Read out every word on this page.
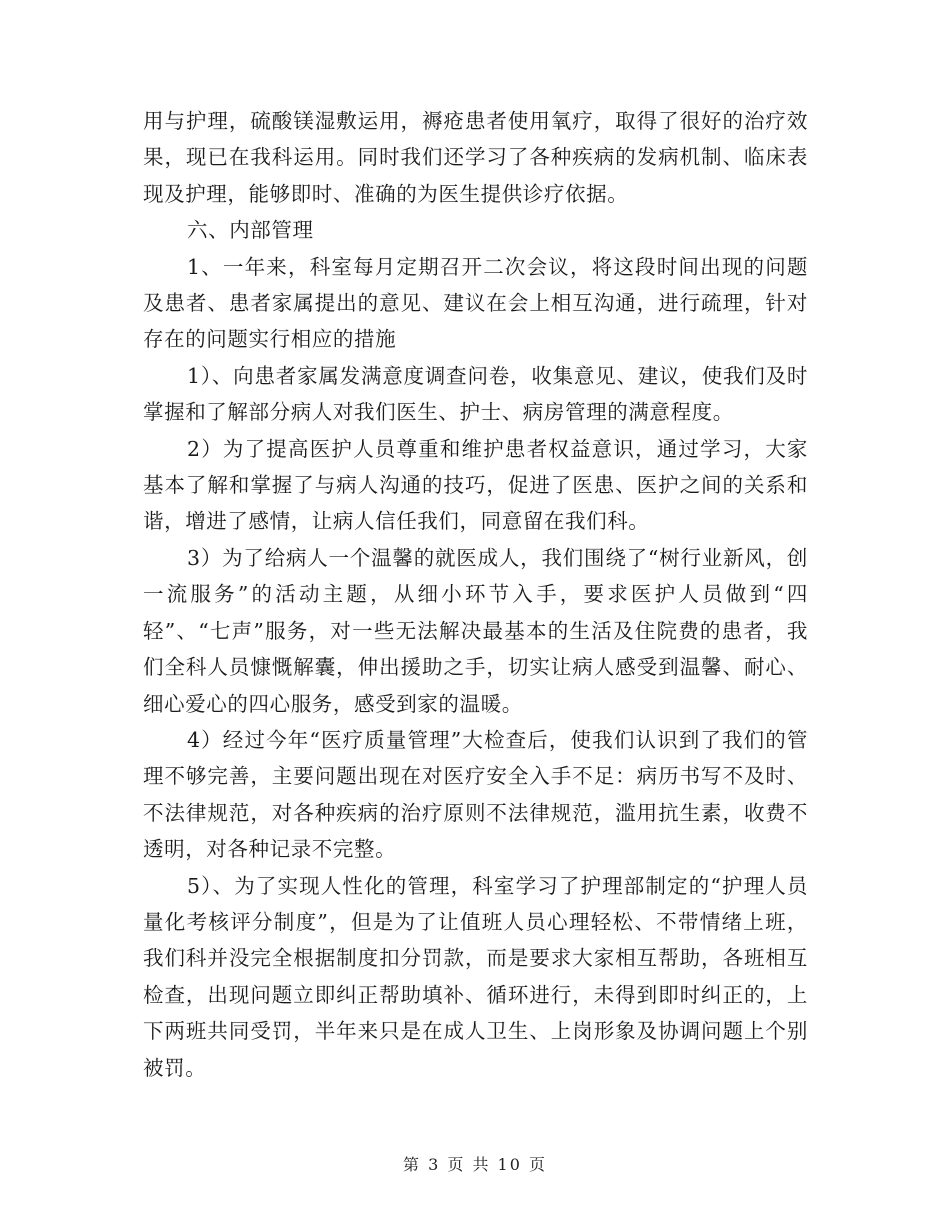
用与护理，硫酸镁湿敷运用，褥疮患者使用氧疗，取得了很好的治疗效果，现已在我科运用。同时我们还学习了各种疾病的发病机制、临床表现及护理，能够即时、准确的为医生提供诊疗依据。

六、内部管理

1、一年来，科室每月定期召开二次会议，将这段时间出现的问题及患者、患者家属提出的意见、建议在会上相互沟通，进行疏理，针对存在的问题实行相应的措施

1）、向患者家属发满意度调查问卷，收集意见、建议，使我们及时掌握和了解部分病人对我们医生、护士、病房管理的满意程度。

2）为了提高医护人员尊重和维护患者权益意识，通过学习，大家基本了解和掌握了与病人沟通的技巧，促进了医患、医护之间的关系和谐，增进了感情，让病人信任我们，同意留在我们科。

3）为了给病人一个温馨的就医成人，我们围绕了“树行业新风，创一流服务”的活动主题，从细小环节入手，要求医护人员做到“四轻”、“七声”服务，对一些无法解决最基本的生活及住院费的患者，我们全科人员慷慨解囊，伸出援助之手，切实让病人感受到温馨、耐心、细心爱心的四心服务，感受到家的温暖。

4）经过今年“医疗质量管理”大检查后，使我们认识到了我们的管理不够完善，主要问题出现在对医疗安全入手不足：病历书写不及时、不法律规范，对各种疾病的治疗原则不法律规范，滥用抗生素，收费不透明，对各种记录不完整。

5）、为了实现人性化的管理，科室学习了护理部制定的“护理人员量化考核评分制度”，但是为了让值班人员心理轻松、不带情绪上班，我们科并没完全根据制度扣分罚款，而是要求大家相互帮助，各班相互检查，出现问题立即纠正帮助填补、循环进行，未得到即时纠正的，上下两班共同受罚，半年来只是在成人卫生、上岗形象及协调问题上个别被罚。

第 3 页 共 10 页
